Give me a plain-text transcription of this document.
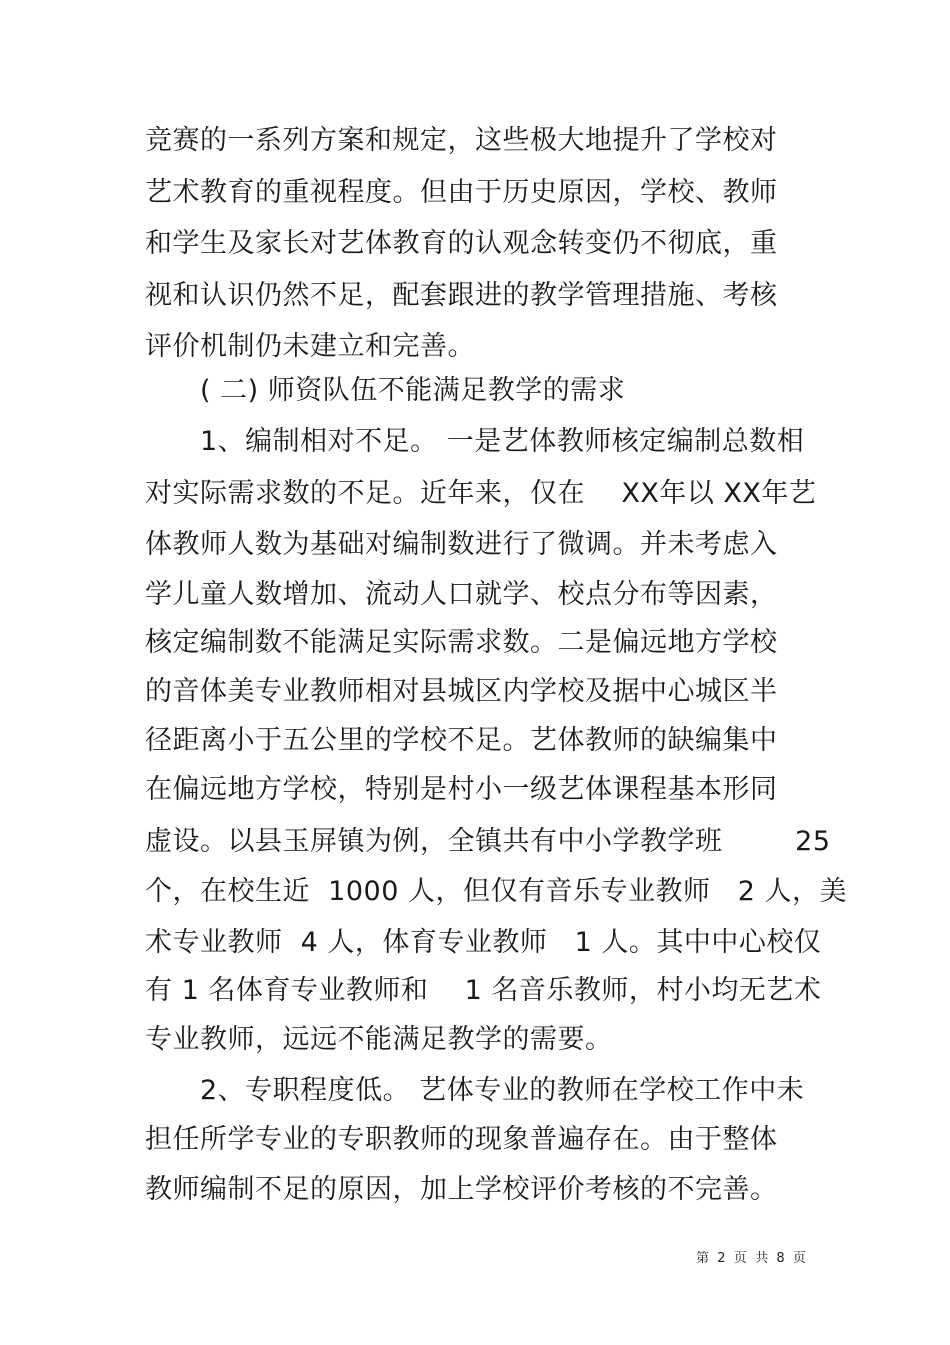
竞赛的一系列方案和规定，这些极大地提升了学校对
艺术教育的重视程度。但由于历史原因，学校、教师
和学生及家长对艺体教育的认观念转变仍不彻底，重
视和认识仍然不足，配套跟进的教学管理措施、考核
评价机制仍未建立和完善。
( 二) 师资队伍不能满足教学的需求
1、编制相对不足。 一是艺体教师核定编制总数相
对实际需求数的不足。近年来，仅在    XX年以 XX年艺
体教师人数为基础对编制数进行了微调。并未考虑入
学儿童人数增加、流动人口就学、校点分布等因素，
核定编制数不能满足实际需求数。二是偏远地方学校
的音体美专业教师相对县城区内学校及据中心城区半
径距离小于五公里的学校不足。艺体教师的缺编集中
在偏远地方学校，特别是村小一级艺体课程基本形同
虚设。以县玉屏镇为例，全镇共有中小学教学班        25
个，在校生近  1000 人，但仅有音乐专业教师   2 人，美
术专业教师  4 人，体育专业教师   1 人。其中中心校仅
有 1 名体育专业教师和    1 名音乐教师，村小均无艺术
专业教师，远远不能满足教学的需要。
2、专职程度低。 艺体专业的教师在学校工作中未
担任所学专业的专职教师的现象普遍存在。由于整体
教师编制不足的原因，加上学校评价考核的不完善。
第  2  页  共  8  页
